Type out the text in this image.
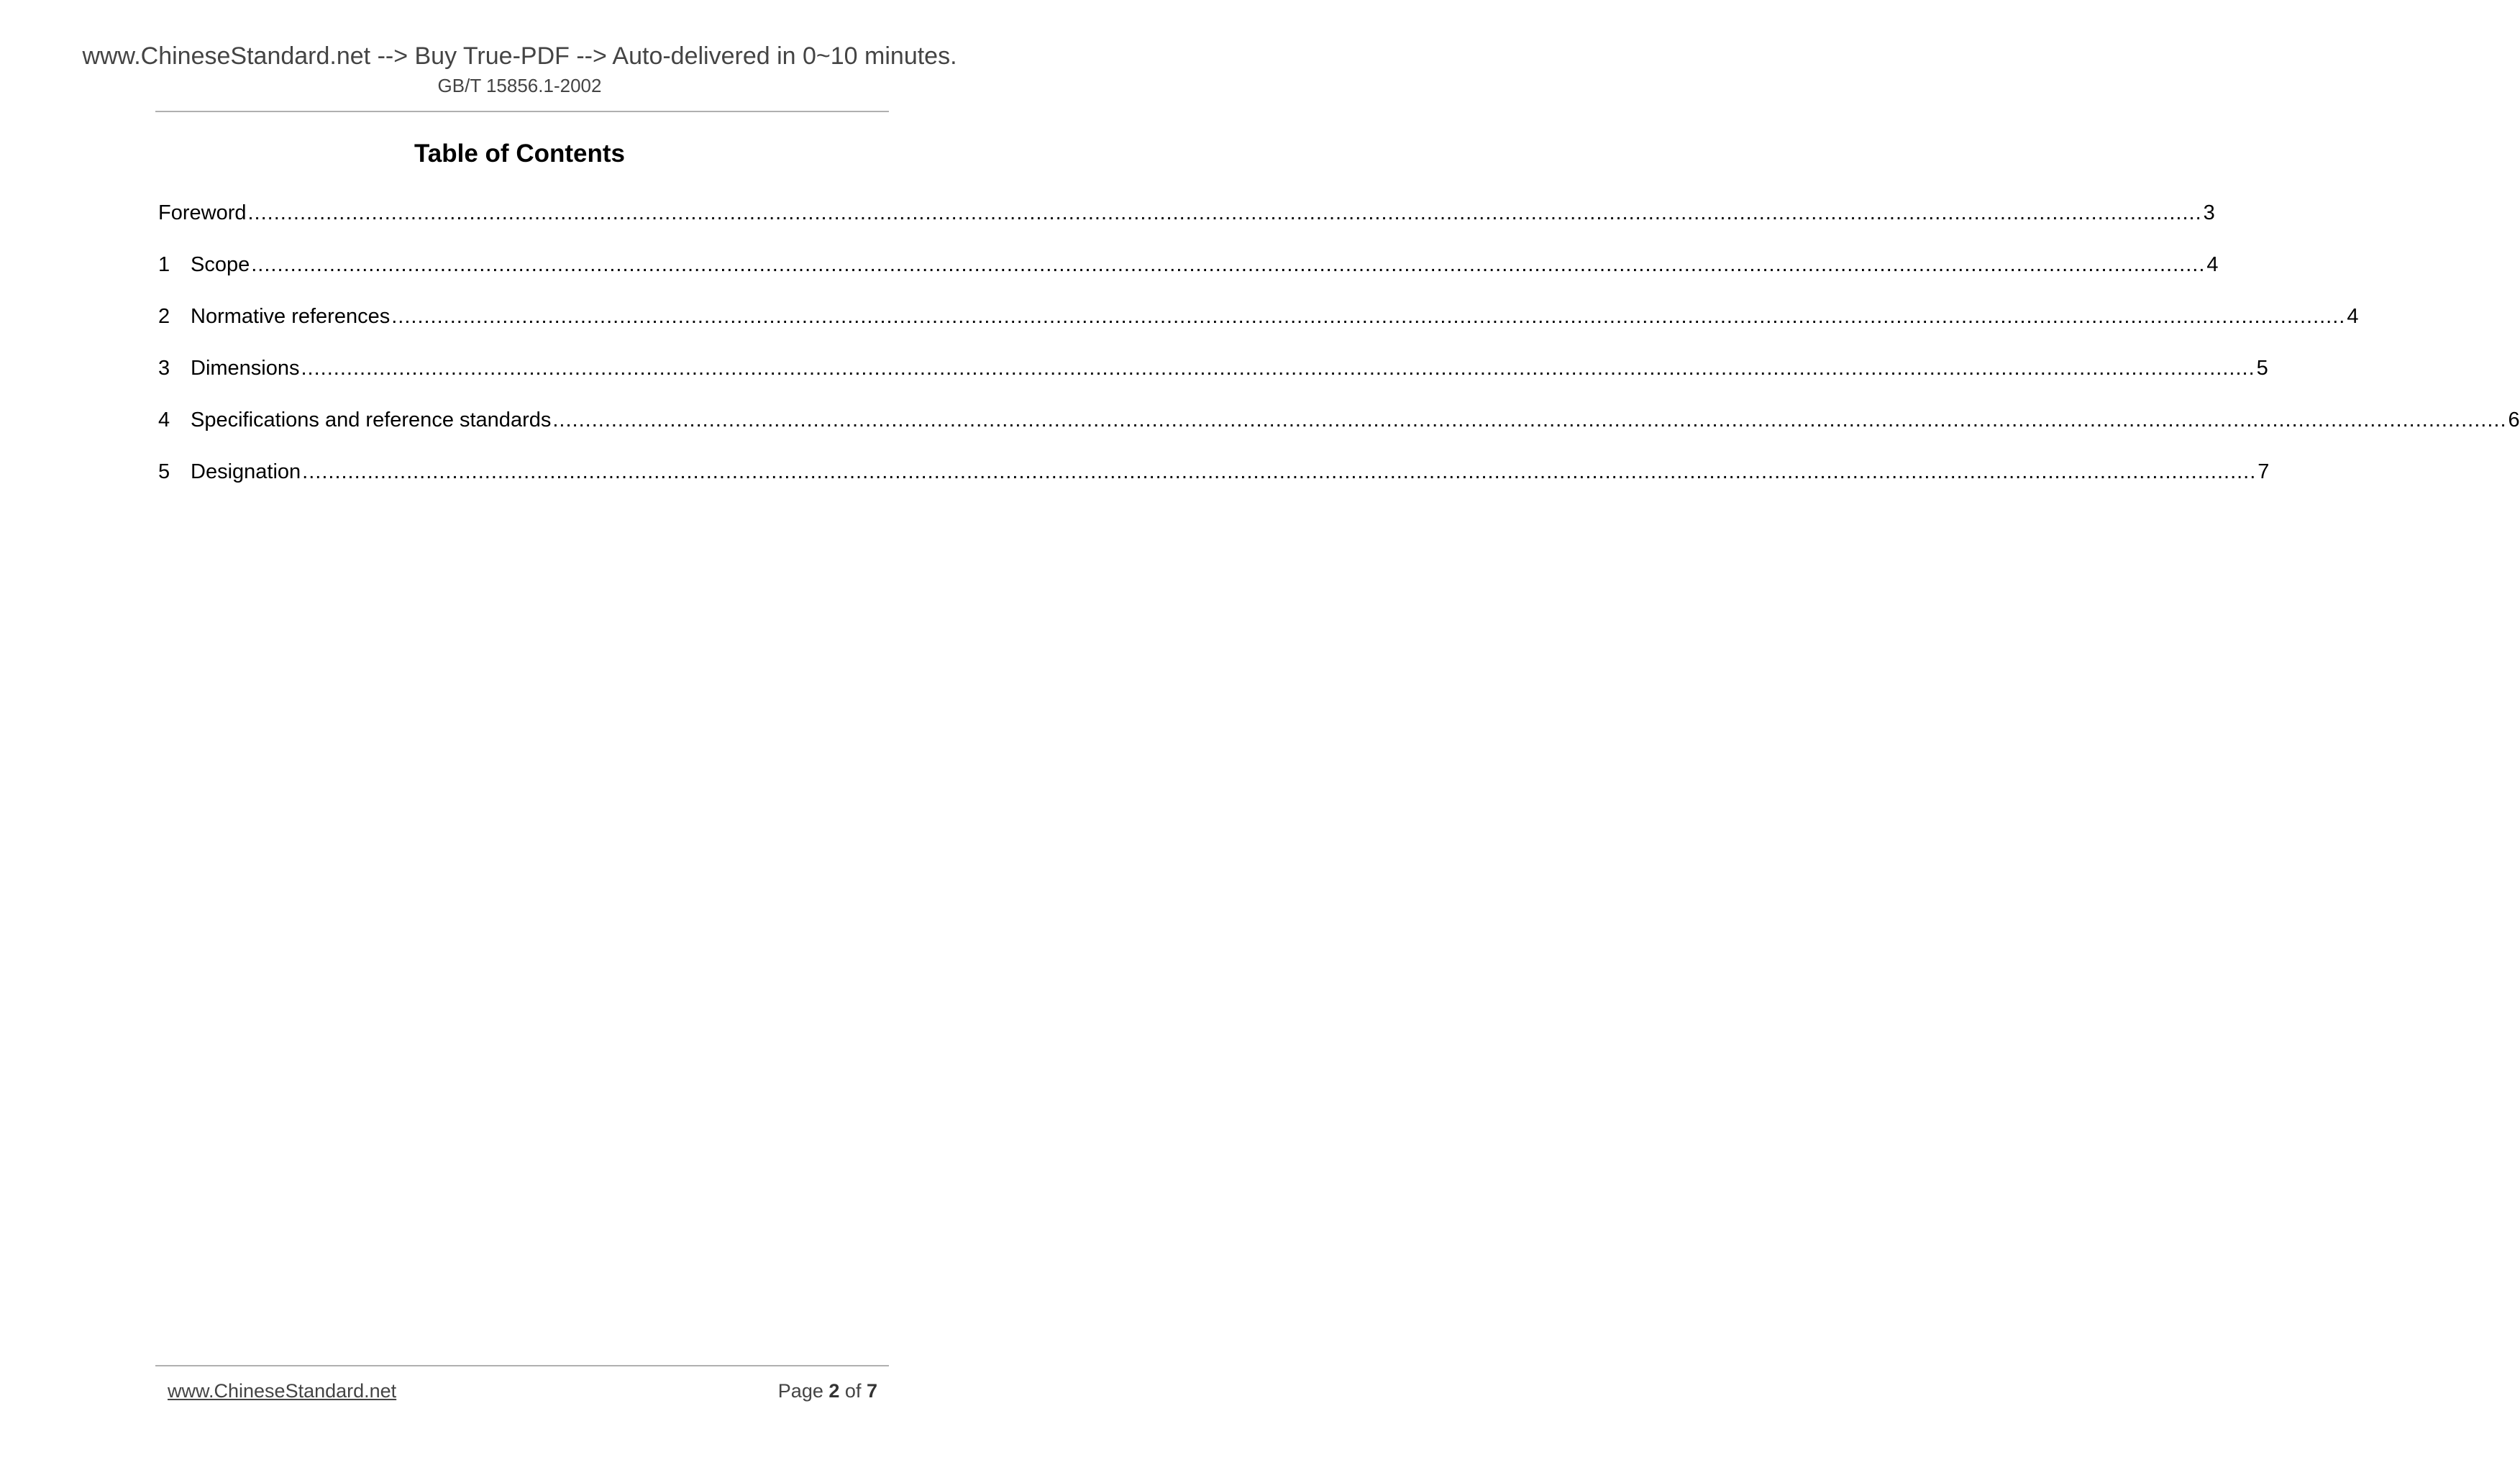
www.ChineseStandard.net --> Buy True-PDF --> Auto-delivered in 0~10 minutes.
GB/T 15856.1-2002
Table of Contents
Foreword ............................................................................................................................................................................................................................................................................................................ 3
1 Scope ............................................................................................................................................................................................................................................................................................................ 4
2 Normative references ............................................................................................................................................................................................................................................................................................................ 4
3 Dimensions ............................................................................................................................................................................................................................................................................................................ 5
4 Specifications and reference standards ............................................................................................................................................................................................................................................................................................................ 6
5 Designation ............................................................................................................................................................................................................................................................................................................ 7
www.ChineseStandard.net	Page 2 of 7
